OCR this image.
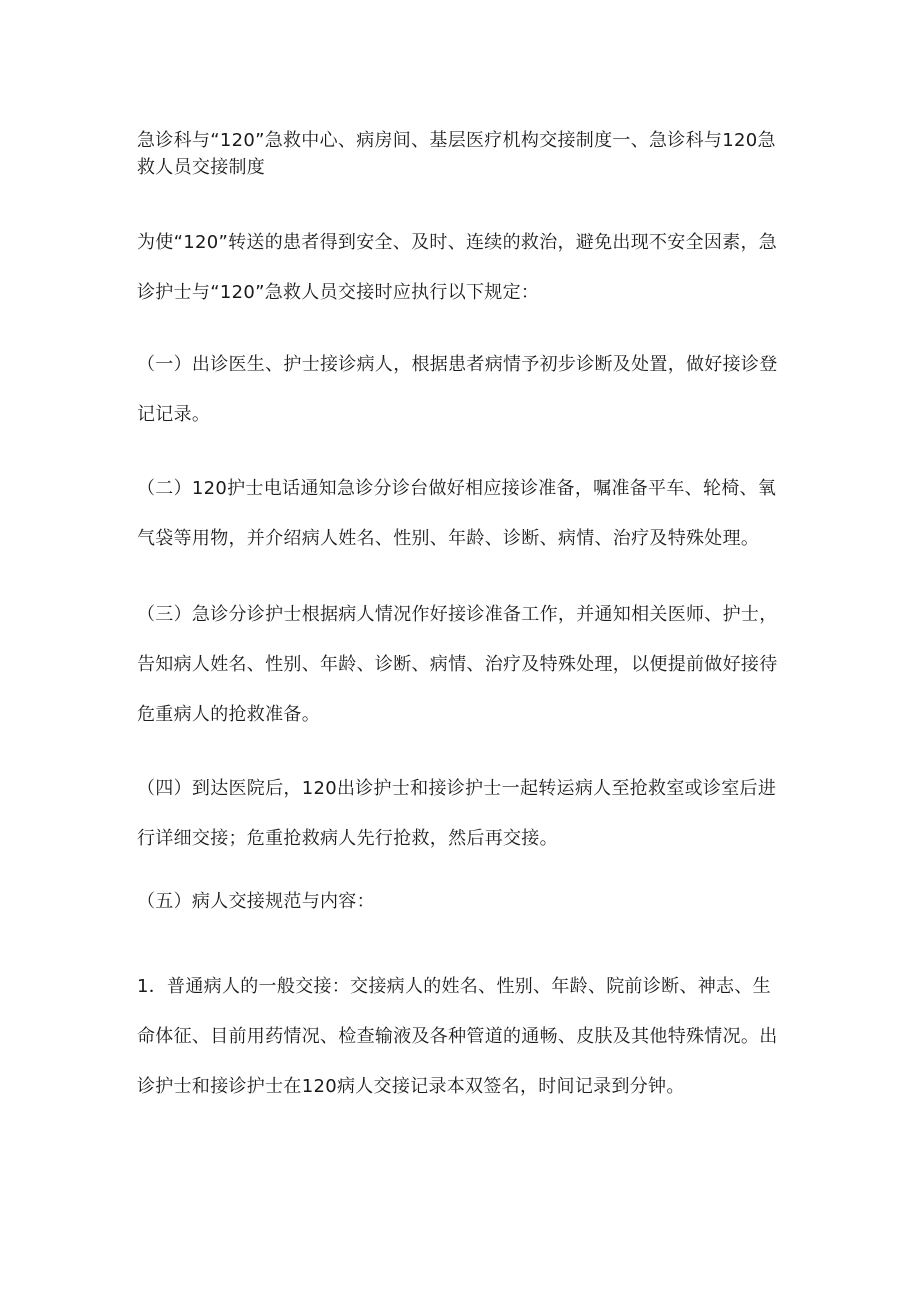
急诊科与“120”急救中心、病房间、基层医疗机构交接制度一、急诊科与120急救人员交接制度

为使“120”转送的患者得到安全、及时、连续的救治，避免出现不安全因素，急诊护士与“120”急救人员交接时应执行以下规定：

（一）出诊医生、护士接诊病人，根据患者病情予初步诊断及处置，做好接诊登记记录。

（二）120护士电话通知急诊分诊台做好相应接诊准备，嘱准备平车、轮椅、氧气袋等用物，并介绍病人姓名、性别、年龄、诊断、病情、治疗及特殊处理。

（三）急诊分诊护士根据病人情况作好接诊准备工作，并通知相关医师、护士，告知病人姓名、性别、年龄、诊断、病情、治疗及特殊处理，以便提前做好接待危重病人的抢救准备。

（四）到达医院后，120出诊护士和接诊护士一起转运病人至抢救室或诊室后进行详细交接；危重抢救病人先行抢救，然后再交接。

（五）病人交接规范与内容：

1．普通病人的一般交接：交接病人的姓名、性别、年龄、院前诊断、神志、生命体征、目前用药情况、检查输液及各种管道的通畅、皮肤及其他特殊情况。出诊护士和接诊护士在120病人交接记录本双签名，时间记录到分钟。
